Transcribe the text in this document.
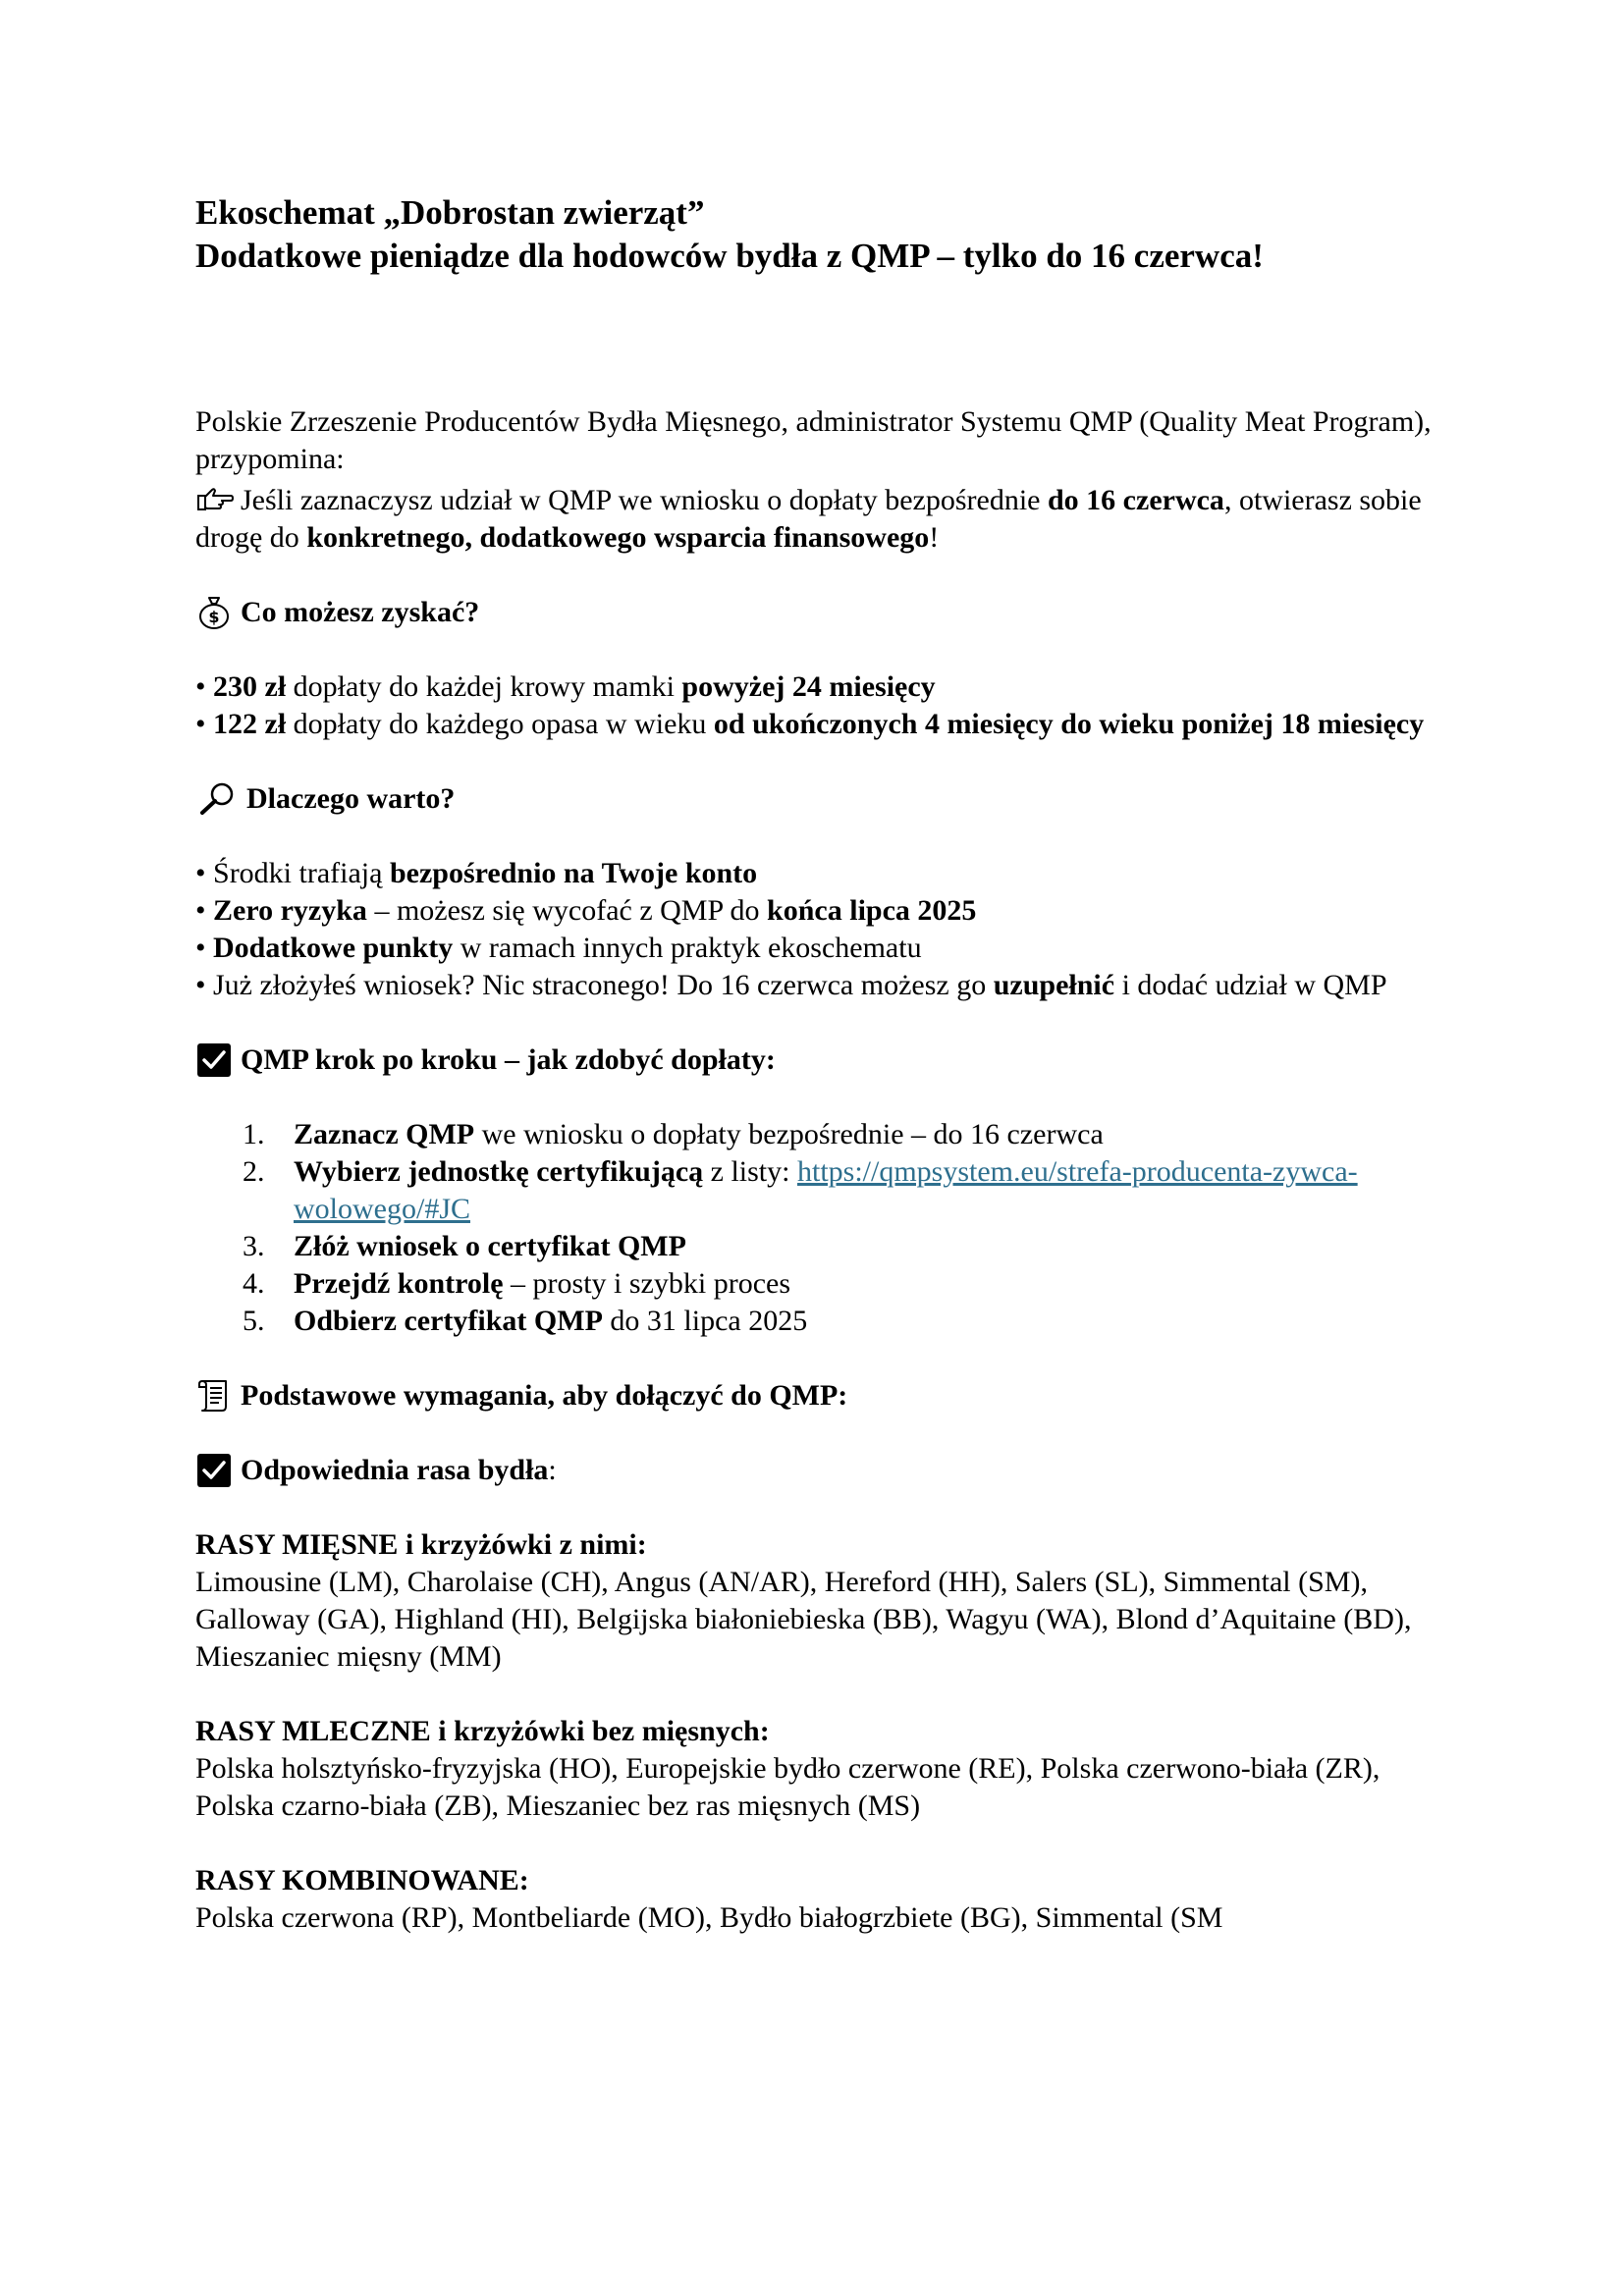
Ekoschemat „Dobrostan zwierząt”
Dodatkowe pieniądze dla hodowców bydła z QMP – tylko do 16 czerwca!

Polskie Zrzeszenie Producentów Bydła Mięsnego, administrator Systemu QMP (Quality Meat Program), przypomina:

Jeśli zaznaczysz udział w QMP we wniosku o dopłaty bezpośrednie do 16 czerwca, otwierasz sobie drogę do konkretnego, dodatkowego wsparcia finansowego!

$ Co możesz zyskać?

• 230 zł dopłaty do każdej krowy mamki powyżej 24 miesięcy

• 122 zł dopłaty do każdego opasa w wieku od ukończonych 4 miesięcy do wieku poniżej 18 miesięcy

Dlaczego warto?

• Środki trafiają bezpośrednio na Twoje konto

• Zero ryzyka – możesz się wycofać z QMP do końca lipca 2025

• Dodatkowe punkty w ramach innych praktyk ekoschematu

• Już złożyłeś wniosek? Nic straconego! Do 16 czerwca możesz go uzupełnić i dodać udział w QMP

QMP krok po kroku – jak zdobyć dopłaty:
1. Zaznacz QMP we wniosku o dopłaty bezpośrednie – do 16 czerwca
2. Wybierz jednostkę certyfikującą z listy: https://qmpsystem.eu/strefa-producenta-zywca-wolowego/#JC
3. Złóż wniosek o certyfikat QMP
4. Przejdź kontrolę – prosty i szybki proces
5. Odbierz certyfikat QMP do 31 lipca 2025
Podstawowe wymagania, aby dołączyć do QMP:
Odpowiednia rasa bydła:

RASY MIĘSNE i krzyżówki z nimi:

Limousine (LM), Charolaise (CH), Angus (AN/AR), Hereford (HH), Salers (SL), Simmental (SM), Galloway (GA), Highland (HI), Belgijska białoniebieska (BB), Wagyu (WA), Blond d’Aquitaine (BD), Mieszaniec mięsny (MM)

RASY MLECZNE i krzyżówki bez mięsnych:

Polska holsztyńsko-fryzyjska (HO), Europejskie bydło czerwone (RE), Polska czerwono-biała (ZR), Polska czarno-biała (ZB), Mieszaniec bez ras mięsnych (MS)

RASY KOMBINOWANE:

Polska czerwona (RP), Montbeliarde (MO), Bydło białogrzbiete (BG), Simmental (SM
